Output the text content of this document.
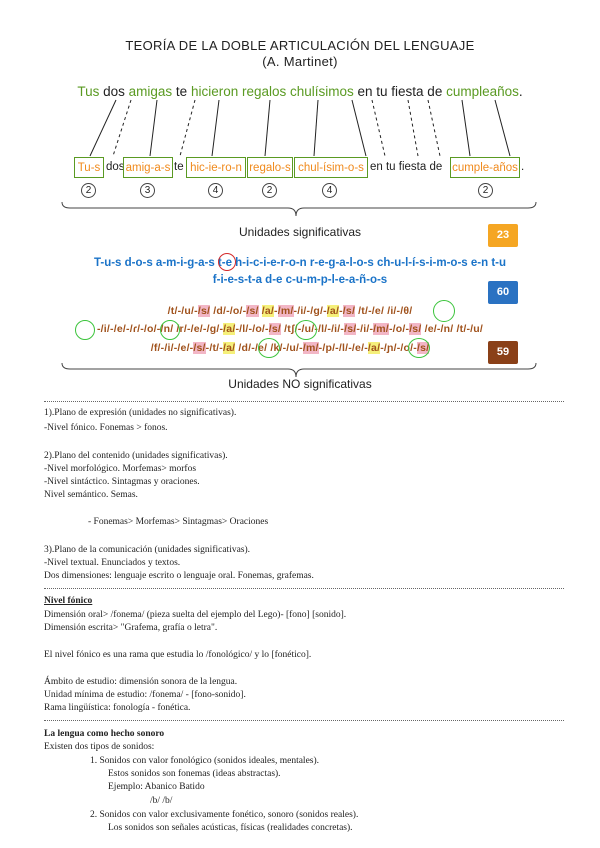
TEORÍA DE LA DOBLE ARTICULACIÓN DEL LENGUAJE
(A. Martinet)
Tus dos amigas te hicieron regalos chulísimos en tu fiesta de cumpleaños.
Tu-s dos amig-a-s te hic-ie-ro-n regalo-s chul-ísim-o-s en tu fiesta de cumple-años .
2	3	4	2	4	2
Unidades significativas	23
T-u-s d-o-s a-m-i-g-a-s t-e h-i-c-i-e-r-o-n r-e-g-a-l-o-s ch-u-l-í-s-i-m-o-s e-n t-u
f-i-e-s-t-a d-e c-u-m-p-l-e-a-ñ-o-s
60
/t/-/u/-/s/ /d/-/o/-/s/ /a/-/m/-/i/-/g/-/a/-/s/ /t/-/e/ /i/-/θ/
-/i/-/e/-/ɾ/-/o/-/n/ /r/-/e/-/g/-/a/-/l/-/o/-/s/ /tʃ/-/u/-/l/-/i/-/s/-/i/-/m/-/o/-/s/ /e/-/n/ /t/-/u/
/f/-/i/-/e/-/s/-/t/-/a/ /d/-/e/ /k/-/u/-/m/-/p/-/l/-/e/-/a/-/ɲ/-/o/-/s/	59
Unidades NO significativas
1).Plano de expresión (unidades no significativas).
-Nivel fónico. Fonemas > fonos.
2).Plano del contenido (unidades significativas).
-Nivel morfológico. Morfemas> morfos
-Nivel sintáctico. Sintagmas y oraciones.
Nivel semántico. Semas.
- Fonemas> Morfemas> Sintagmas> Oraciones
3).Plano de la comunicación (unidades significativas).
-Nivel textual. Enunciados y textos.
Dos dimensiones: lenguaje escrito o lenguaje oral. Fonemas, grafemas.
Nivel fónico
Dimensión oral> /fonema/ (pieza suelta del ejemplo del Lego)- [fono] [sonido].
Dimensión escrita> "Grafema, grafía o letra".
El nivel fónico es una rama que estudia lo /fonológico/ y lo [fonético].
Ámbito de estudio: dimensión sonora de la lengua.
Unidad mínima de estudio: /fonema/ - [fono-sonido].
Rama lingüística: fonología - fonética.
La lengua como hecho sonoro
Existen dos tipos de sonidos:
1. Sonidos con valor fonológico (sonidos ideales, mentales).
Estos sonidos son fonemas (ideas abstractas).
Ejemplo: Abanico Batido
/b/ /b/
2. Sonidos con valor exclusivamente fonético, sonoro (sonidos reales).
Los sonidos son señales acústicas, físicas (realidades concretas).
